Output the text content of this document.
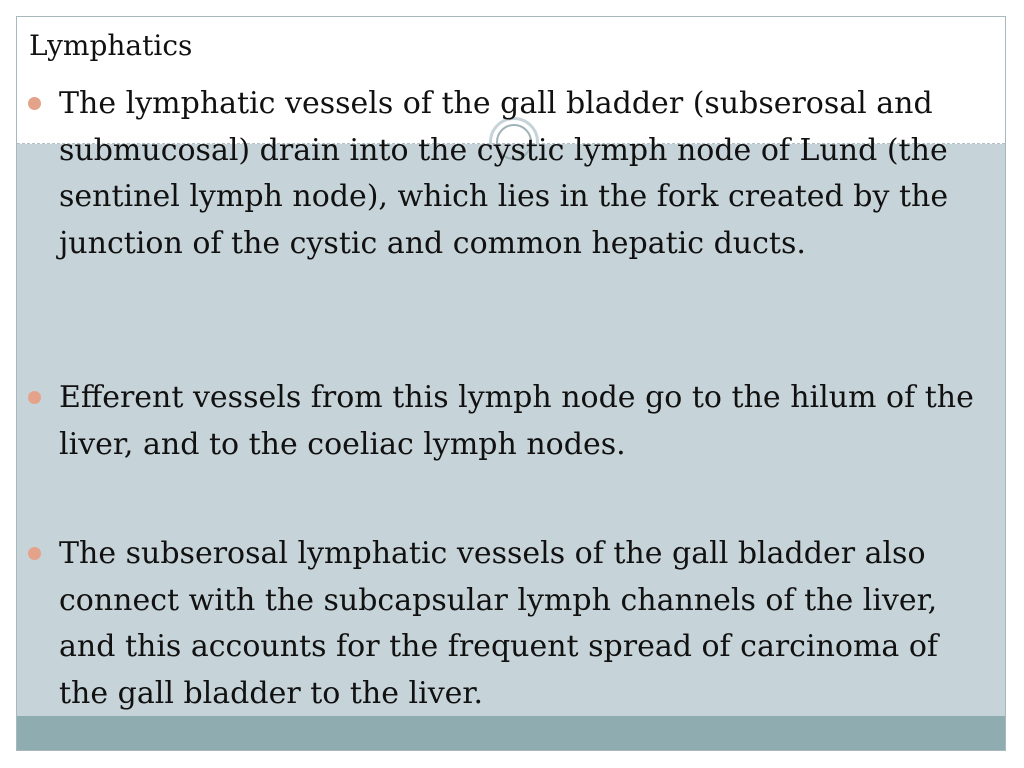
Lymphatics
The lymphatic vessels of the gall bladder (subserosal and submucosal) drain into the cystic lymph node of Lund (the sentinel lymph node), which lies in the fork created by the junction of the cystic and common hepatic ducts.
Efferent vessels from this lymph node go to the hilum of the liver, and to the coeliac lymph nodes.
The subserosal lymphatic vessels of the gall bladder also connect with the subcapsular lymph channels of the liver, and this accounts for the frequent spread of carcinoma of the gall bladder to the liver.
